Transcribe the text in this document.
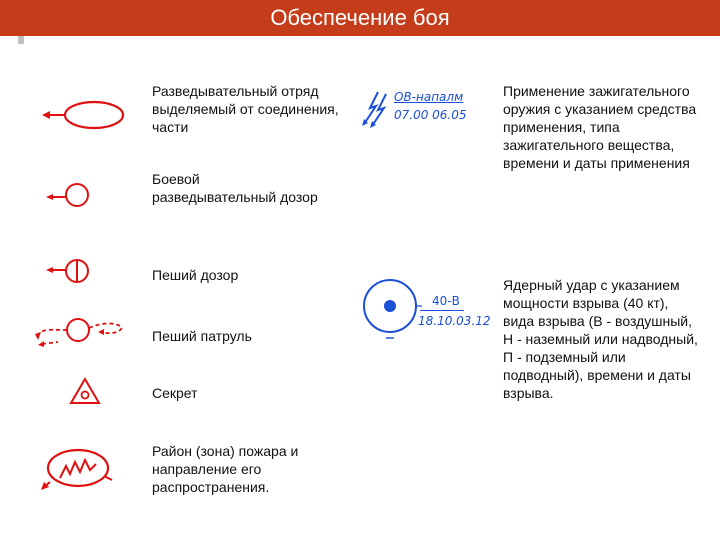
Обеспечение боя
Разведывательный отряд выделяемый от соединения, части
Боевой разведывательный дозор
Пеший дозор
Пеший патруль
Секрет
Район (зона) пожара и направление его распространения.
ОВ-напалм
07.00 06.05
40-В
18.10.03.12
Применение зажигательного оружия с указанием средства применения, типа зажигательного вещества, времени и даты применения
Ядерный удар с указанием мощности взрыва (40 кт), вида взрыва (В - воздушный, Н - наземный или надводный, П - подземный или подводный), времени и даты взрыва.
